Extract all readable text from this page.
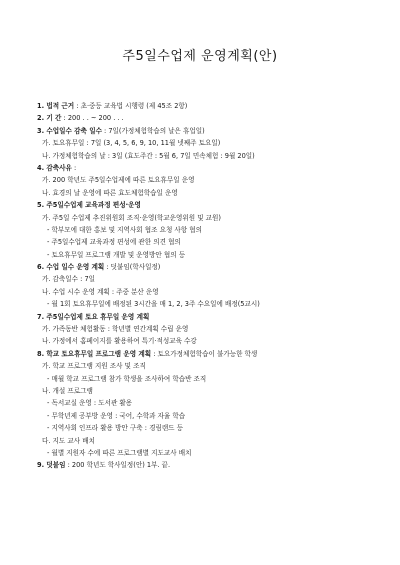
주5일수업제 운영계획(안)
1. 법적 근거 : 초·중등 교육법 시행령 (제 45조 2항)
2. 기 간 : 200 . . ~ 200 . . .
3. 수업일수 감축 일수 : 7일(가정체험학습의 날은 휴업일)
가. 토요휴무일 : 7일 (3, 4, 5, 6, 9, 10, 11월 넷째주 토요일)
나. 가정체험학습의 날 : 3일 (효도주간 : 5월 6, 7일 민속체험 : 9월 20일)
4. 감축사유 :
가. 200 학년도 주5일수업제에 따른 토요휴무일 운영
나. 효경의 날 운영에 따른 효도체험학습일 운영
5. 주5일수업제 교육과정 편성·운영
가. 주5일 수업제 추진위원회 조직·운영(학교운영위원 및 교원)
- 학부모에 대한 홍보 및 지역사회 협조 요청 사항 협의
- 주5일수업제 교육과정 편성에 관한 의견 협의
- 토요휴무일 프로그램 개발 및 운영방안 협의 등
6. 수업 일수 운영 계획 : 덧붙임(학사일정)
가. 감축일수 : 7일
나. 수업 시수 운영 계획 : 주중 분산 운영
- 월 1회 토요휴무일에 배정된 3시간을 매 1, 2, 3주 수요일에 배정(5교시)
7. 주5일수업제 토요 휴무일 운영 계획
가. 가족동반 체험활동 : 학년별 연간계획 수립 운영
나. 가정에서 홈페이지를 활용하여 특기·적성교육 수강
8. 학교 토요휴무일 프로그램 운영 계획 : 토요가정체험학습이 불가능한 학생
가. 학교 프로그램 지원 조사 및 조직
- 매월 학교 프로그램 참가 학생을 조사하여 학습반 조직
나. 개설 프로그램
- 독서교실 운영 : 도서관 활용
- 무학년제 공부방 운영 : 국어, 수학과 자율 학습
- 지역사회 인프라 활용 방안 구축 : 경림랜드 등
다. 지도 교사 배치
- 월별 지원자 수에 따른 프로그램별 지도교사 배치
9. 덧붙임 : 200 학년도 학사일정(안) 1부. 끝.
